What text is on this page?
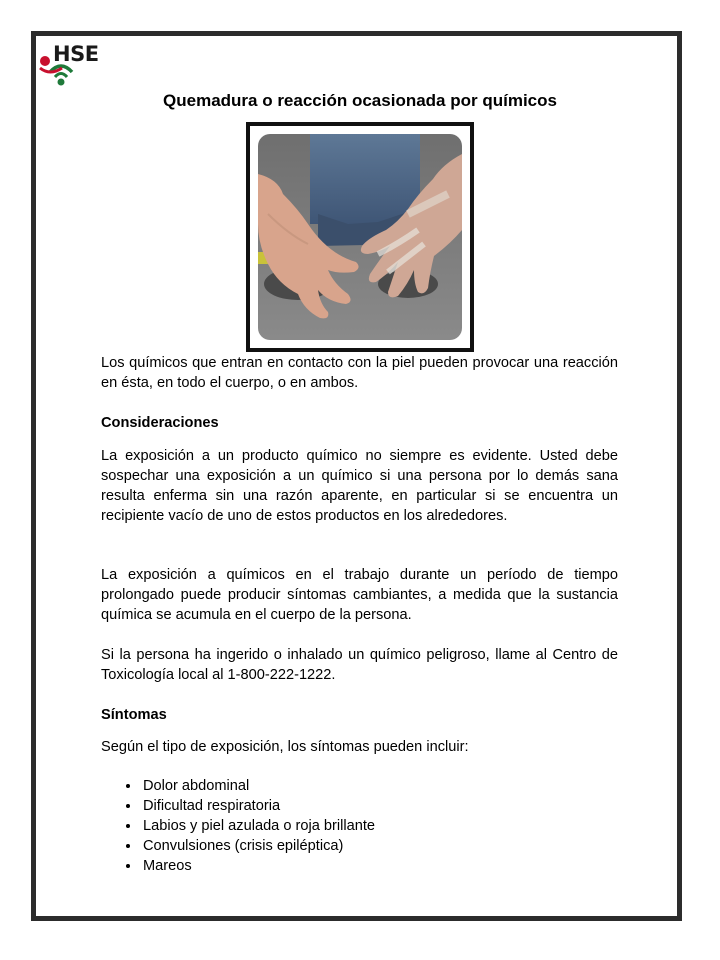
HSE
Quemadura o reacción ocasionada por químicos
Los químicos que entran en contacto con la piel pueden provocar una reacción en ésta, en todo el cuerpo, o en ambos.
Consideraciones
La exposición a un producto químico no siempre es evidente. Usted debe sospechar una exposición a un químico si una persona por lo demás sana resulta enferma sin una razón aparente, en particular si se encuentra un recipiente vacío de uno de estos productos en los alrededores.
La exposición a químicos en el trabajo durante un período de tiempo prolongado puede producir síntomas cambiantes, a medida que la sustancia química se acumula en el cuerpo de la persona.
Si la persona ha ingerido o inhalado un químico peligroso, llame al Centro de Toxicología local al 1-800-222-1222.
Síntomas
Según el tipo de exposición, los síntomas pueden incluir:
• Dolor abdominal
• Dificultad respiratoria
• Labios y piel azulada o roja brillante
• Convulsiones (crisis epiléptica)
• Mareos
